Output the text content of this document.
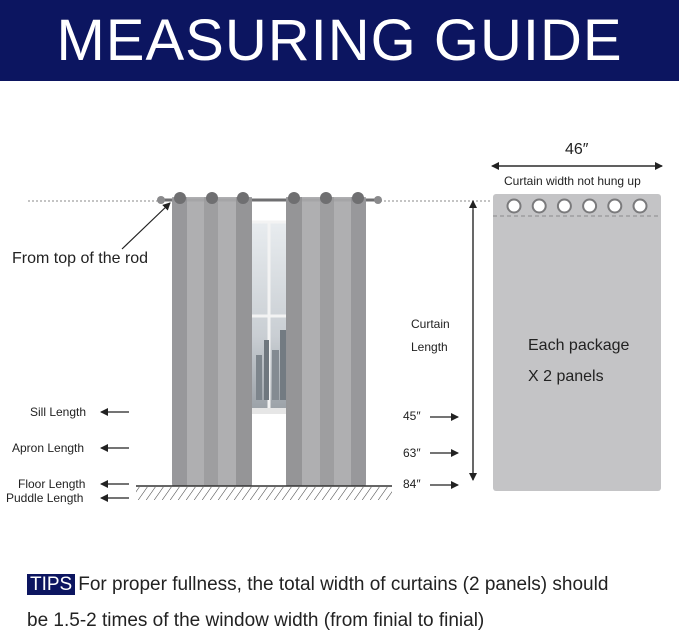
MEASURING GUIDE
From top of the rod
Sill Length
Apron Length
Floor Length
Puddle Length
Curtain
Length
45″
63″
84″
46″
Curtain width not hung up
Each package
X 2 panels
TIPS For proper fullness, the total width of curtains (2 panels) should
be 1.5-2 times of the window width (from finial to finial)
